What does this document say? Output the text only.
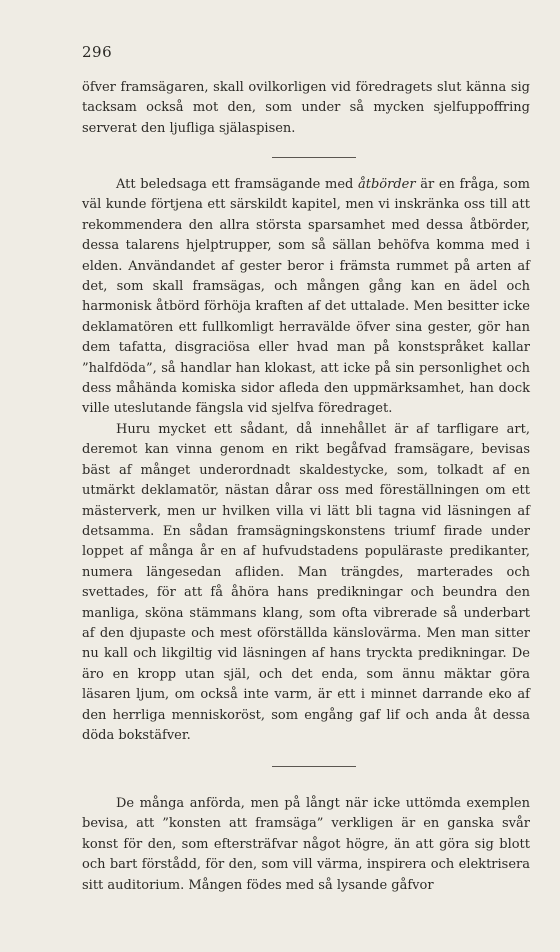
296

öfver framsägaren, skall ovilkorligen vid föredragets slut känna sig tacksam också mot den, som under så mycken sjelfuppoffring serverat den ljufliga själaspisen.

Att beledsaga ett framsägande med åtbörder är en fråga, som väl kunde förtjena ett särskildt kapitel, men vi inskränka oss till att rekommendera den allra största sparsamhet med dessa åtbörder, dessa talarens hjelptrupper, som så sällan behöfva komma med i elden. Användandet af gester beror i främsta rummet på arten af det, som skall framsägas, och mången gång kan en ädel och harmonisk åtbörd förhöja kraften af det uttalade. Men besitter icke deklamatören ett fullkomligt herravälde öfver sina gester, gör han dem tafatta, disgraciösa eller hvad man på konstspråket kallar ”halfdöda”, så handlar han klokast, att icke på sin personlighet och dess måhända komiska sidor afleda den uppmärksamhet, han dock ville uteslutande fängsla vid sjelfva föredraget.

Huru mycket ett sådant, då innehållet är af tarfligare art, deremot kan vinna genom en rikt begåfvad framsägare, bevisas bäst af månget underordnadt skaldestycke, som, tolkadt af en utmärkt deklamatör, nästan dårar oss med föreställningen om ett mästerverk, men ur hvilken villa vi lätt bli tagna vid läsningen af detsamma. En sådan framsägningskonstens triumf firade under loppet af många år en af hufvudstadens populäraste predikanter, numera längesedan afliden. Man trängdes, marterades och svettades, för att få åhöra hans predikningar och beundra den manliga, sköna stämmans klang, som ofta vibrerade så underbart af den djupaste och mest oförställda känslovärma. Men man sitter nu kall och likgiltig vid läsningen af hans tryckta predikningar. De äro en kropp utan själ, och det enda, som ännu mäktar göra läsaren ljum, om också inte varm, är ett i minnet darrande eko af den herrliga menniskoröst, som engång gaf lif och anda åt dessa döda bokstäfver.

De många anförda, men på långt när icke uttömda exemplen bevisa, att ”konsten att framsäga” verkligen är en ganska svår konst för den, som eftersträfvar något högre, än att göra sig blott och bart förstådd, för den, som vill värma, inspirera och elektrisera sitt auditorium. Mången födes med så lysande gåfvor
